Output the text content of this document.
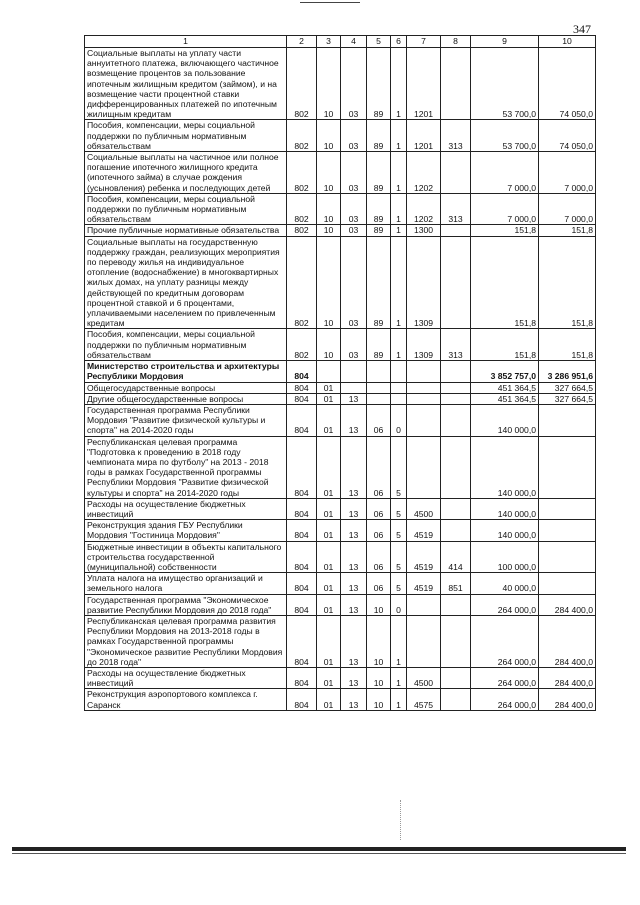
347
1	2	3	4	5	6	7	8	9	10
Социальные выплаты на уплату части аннуитетного платежа, включающего частичное возмещение процентов за пользование ипотечным жилищным кредитом (займом), и на возмещение части процентной ставки дифференцированных платежей по ипотечным жилищным кредитам	802	10	03	89	1	1201		53 700,0	74 050,0
Пособия, компенсации, меры социальной поддержки по публичным нормативным обязательствам	802	10	03	89	1	1201	313	53 700,0	74 050,0
Социальные выплаты на частичное или полное погашение ипотечного жилищного кредита (ипотечного займа) в случае рождения (усыновления) ребенка и последующих детей	802	10	03	89	1	1202		7 000,0	7 000,0
Пособия, компенсации, меры социальной поддержки по публичным нормативным обязательствам	802	10	03	89	1	1202	313	7 000,0	7 000,0
Прочие публичные нормативные обязательства	802	10	03	89	1	1300		151,8	151,8
Социальные выплаты на государственную поддержку граждан, реализующих мероприятия по переводу жилья на индивидуальное отопление (водоснабжение) в многоквартирных жилых домах, на уплату разницы между действующей по кредитным договорам процентной ставкой и 6 процентами, уплачиваемыми населением по привлеченным кредитам	802	10	03	89	1	1309		151,8	151,8
Пособия, компенсации, меры социальной поддержки по публичным нормативным обязательствам	802	10	03	89	1	1309	313	151,8	151,8
Министерство строительства и архитектуры Республики Мордовия	804							3 852 757,0	3 286 951,6
Общегосударственные вопросы	804	01						451 364,5	327 664,5
Другие общегосударственные вопросы	804	01	13					451 364,5	327 664,5
Государственная программа Республики Мордовия "Развитие физической культуры и спорта" на 2014-2020 годы	804	01	13	06	0			140 000,0	
Республиканская целевая программа "Подготовка к проведению в 2018 году чемпионата мира по футболу" на 2013 - 2018 годы в рамках Государственной программы Республики Мордовия "Развитие физической культуры и спорта" на 2014-2020 годы	804	01	13	06	5			140 000,0	
Расходы на осуществление бюджетных инвестиций	804	01	13	06	5	4500		140 000,0	
Реконструкция здания ГБУ Республики Мордовия "Гостиница Мордовия"	804	01	13	06	5	4519		140 000,0	
Бюджетные инвестиции в объекты капитального строительства государственной (муниципальной) собственности	804	01	13	06	5	4519	414	100 000,0	
Уплата налога на имущество организаций и земельного налога	804	01	13	06	5	4519	851	40 000,0	
Государственная программа "Экономическое развитие Республики Мордовия до 2018 года"	804	01	13	10	0			264 000,0	284 400,0
Республиканская целевая программа развития Республики Мордовия на 2013-2018 годы в рамках Государственной программы "Экономическое развитие Республики Мордовия до 2018 года"	804	01	13	10	1			264 000,0	284 400,0
Расходы на осуществление бюджетных инвестиций	804	01	13	10	1	4500		264 000,0	284 400,0
Реконструкция аэропортового комплекса г. Саранск	804	01	13	10	1	4575		264 000,0	284 400,0
